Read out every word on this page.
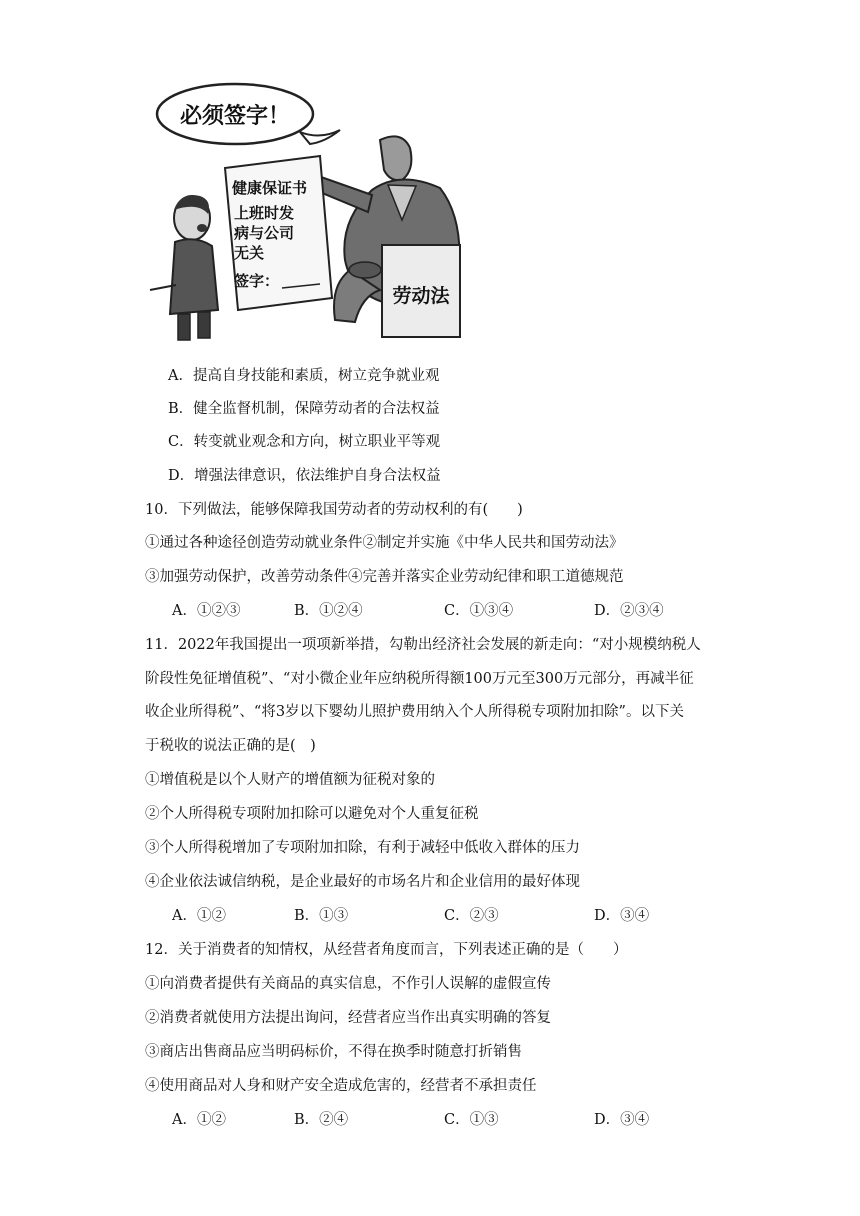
必须签字！
劳动法
健康保证书
上班时发
病与公司
无关
签字：
A．提高自身技能和素质，树立竞争就业观
B．健全监督机制，保障劳动者的合法权益
C．转变就业观念和方向，树立职业平等观
D．增强法律意识，依法维护自身合法权益
10．下列做法，能够保障我国劳动者的劳动权利的有(　　)
①通过各种途径创造劳动就业条件②制定并实施《中华人民共和国劳动法》
③加强劳动保护，改善劳动条件④完善并落实企业劳动纪律和职工道德规范
A．①②③	B．①②④	C．①③④	D．②③④
11．2022年我国提出一项项新举措，勾勒出经济社会发展的新走向：“对小规模纳税人
阶段性免征增值税”、“对小微企业年应纳税所得额100万元至300万元部分，再减半征
收企业所得税”、“将3岁以下婴幼儿照护费用纳入个人所得税专项附加扣除”。以下关
于税收的说法正确的是(　)
①增值税是以个人财产的增值额为征税对象的
②个人所得税专项附加扣除可以避免对个人重复征税
③个人所得税增加了专项附加扣除，有利于减轻中低收入群体的压力
④企业依法诚信纳税，是企业最好的市场名片和企业信用的最好体现
A．①②	B．①③	C．②③	D．③④
12．关于消费者的知情权，从经营者角度而言，下列表述正确的是（　　）
①向消费者提供有关商品的真实信息，不作引人误解的虚假宣传
②消费者就使用方法提出询问，经营者应当作出真实明确的答复
③商店出售商品应当明码标价，不得在换季时随意打折销售
④使用商品对人身和财产安全造成危害的，经营者不承担责任
A．①②	B．②④	C．①③	D．③④
